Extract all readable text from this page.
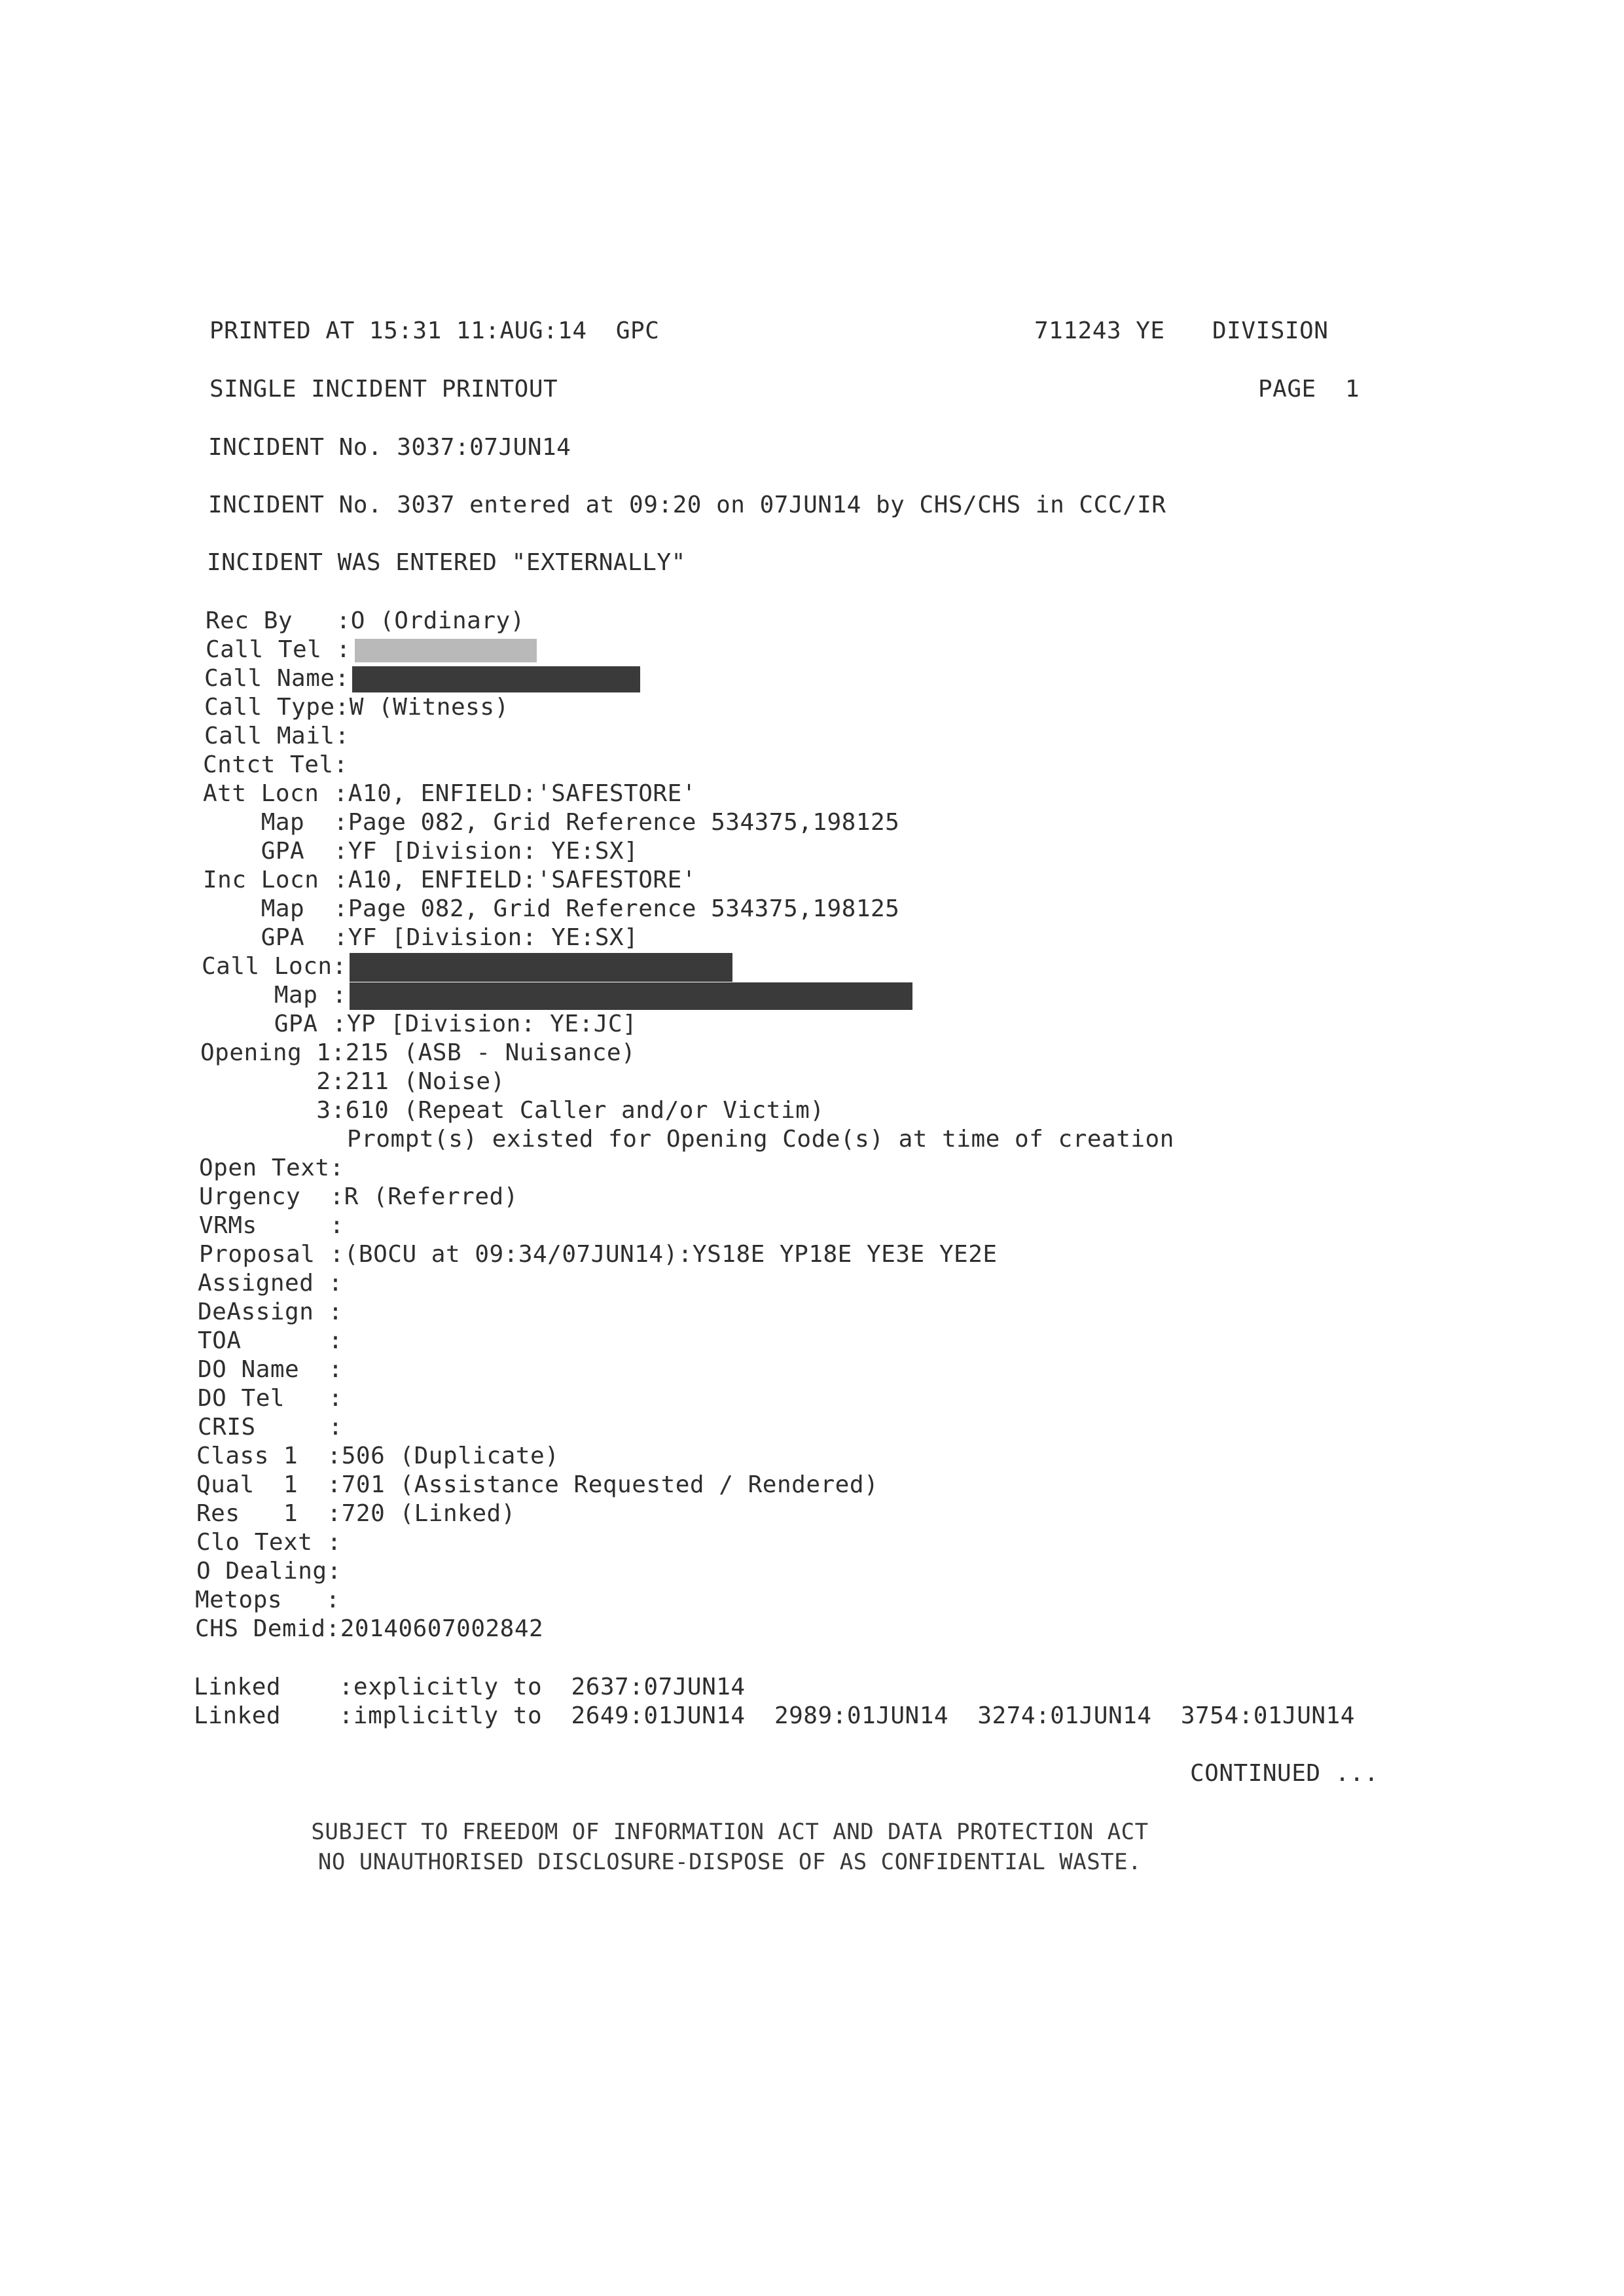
PRINTED AT 15:31 11:AUG:14  GPC	711243 YE DIVISION
SINGLE INCIDENT PRINTOUT	PAGE  1
INCIDENT No. 3037:07JUN14
INCIDENT No. 3037 entered at 09:20 on 07JUN14 by CHS/CHS in CCC/IR
INCIDENT WAS ENTERED "EXTERNALLY"
Rec By   :O (Ordinary)
Call Tel :
Call Name:
Call Type:W (Witness)
Call Mail:
Cntct Tel:
Att Locn :A10, ENFIELD:'SAFESTORE'
Map  :Page 082, Grid Reference 534375,198125
GPA  :YF [Division: YE:SX]
Inc Locn :A10, ENFIELD:'SAFESTORE'
Map  :Page 082, Grid Reference 534375,198125
GPA  :YF [Division: YE:SX]
Call Locn:
Map :
GPA :YP [Division: YE:JC]
Opening 1:215 (ASB - Nuisance)
2:211 (Noise)
3:610 (Repeat Caller and/or Victim)
Prompt(s) existed for Opening Code(s) at time of creation
Open Text:
Urgency  :R (Referred)
VRMs     :
Proposal :(BOCU at 09:34/07JUN14):YS18E YP18E YE3E YE2E
Assigned :
DeAssign :
TOA      :
DO Name  :
DO Tel   :
CRIS     :
Class 1  :506 (Duplicate)
Qual  1  :701 (Assistance Requested / Rendered)
Res   1  :720 (Linked)
Clo Text :
O Dealing:
Metops   :
CHS Demid:20140607002842
Linked    :explicitly to  2637:07JUN14
Linked    :implicitly to  2649:01JUN14  2989:01JUN14  3274:01JUN14  3754:01JUN14
CONTINUED ...
SUBJECT TO FREEDOM OF INFORMATION ACT AND DATA PROTECTION ACT
NO UNAUTHORISED DISCLOSURE-DISPOSE OF AS CONFIDENTIAL WASTE.
